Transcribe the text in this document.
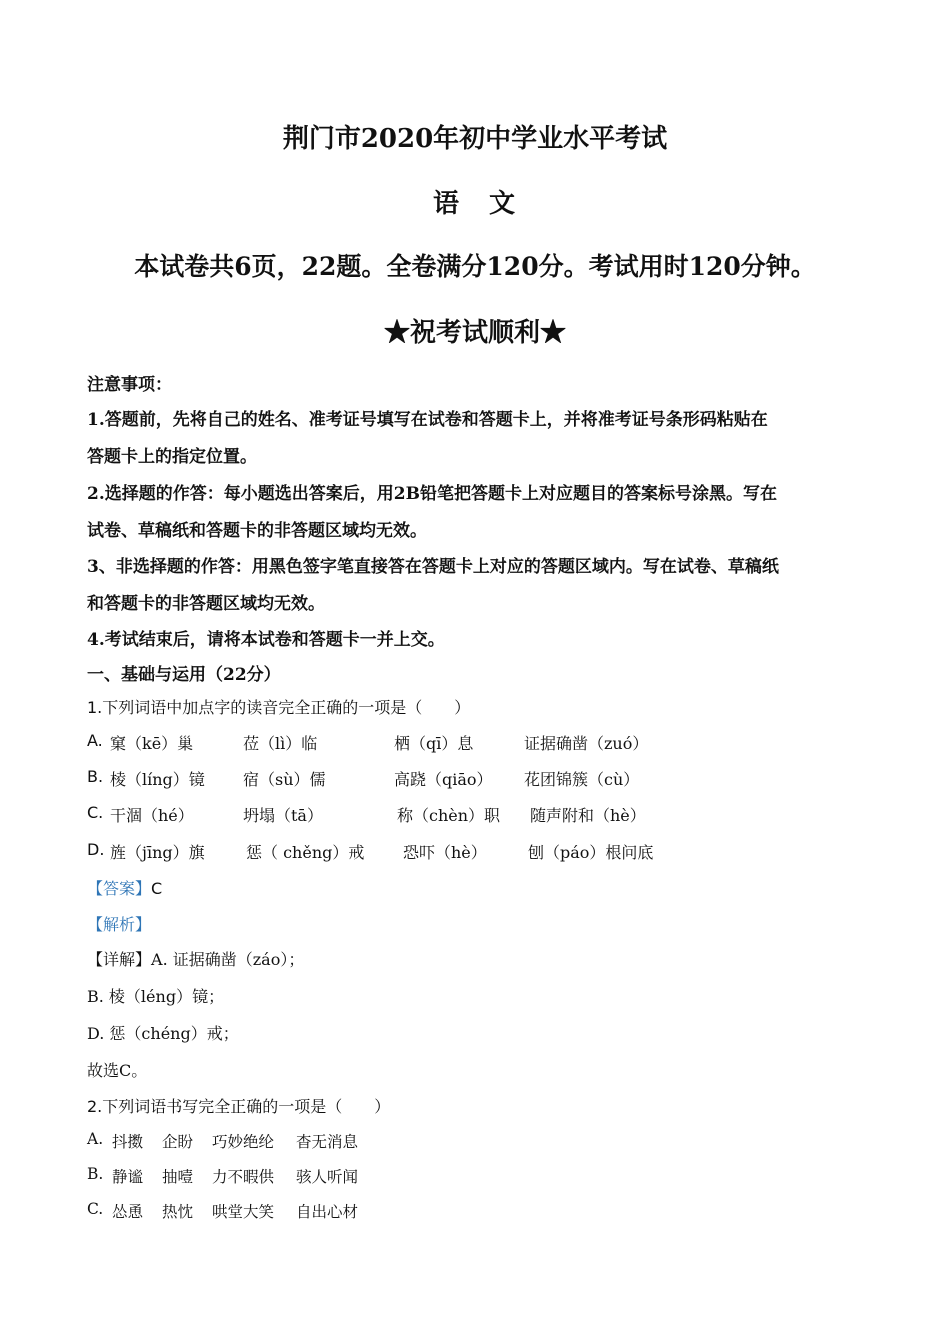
荆门市2020年初中学业水平考试
语　文
本试卷共6页，22题。全卷满分120分。考试用时120分钟。
★祝考试顺利★
注意事项：
1.答题前，先将自己的姓名、准考证号填写在试卷和答题卡上，并将准考证号条形码粘贴在
答题卡上的指定位置。
2.选择题的作答：每小题选出答案后，用2B铅笔把答题卡上对应题目的答案标号涂黑。写在
试卷、草稿纸和答题卡的非答题区域均无效。
3、非选择题的作答：用黑色签字笔直接答在答题卡上对应的答题区域内。写在试卷、草稿纸
和答题卡的非答题区域均无效。
4.考试结束后，请将本试卷和答题卡一并上交。
一、基础与运用（22分）
1.下列词语中加点字的读音完全正确的一项是（　　）
A. 窠（kē）巢	莅（lì）临	栖（qī）息	证据确凿（zuó）
B. 棱（líng）镜 宿（sù）儒	高跷（qiāo） 花团锦簇（cù）
C. 干涸（hé）	坍塌（tā）	称（chèn）职 随声附和（hè）
D. 旌（jīng）旗	惩（ chěng）戒 恐吓（hè）	刨（páo）根问底
【答案】C
【解析】
【详解】A. 证据确凿（záo）；
B. 棱（léng）镜；
D. 惩（chéng）戒；
故选C。
2.下列词语书写完全正确的一项是（　　）
A. 抖擞 企盼 巧妙绝纶 杳无消息
B. 静谧 抽噎 力不暇供 骇人听闻
C. 怂恿 热忱 哄堂大笑 自出心材
